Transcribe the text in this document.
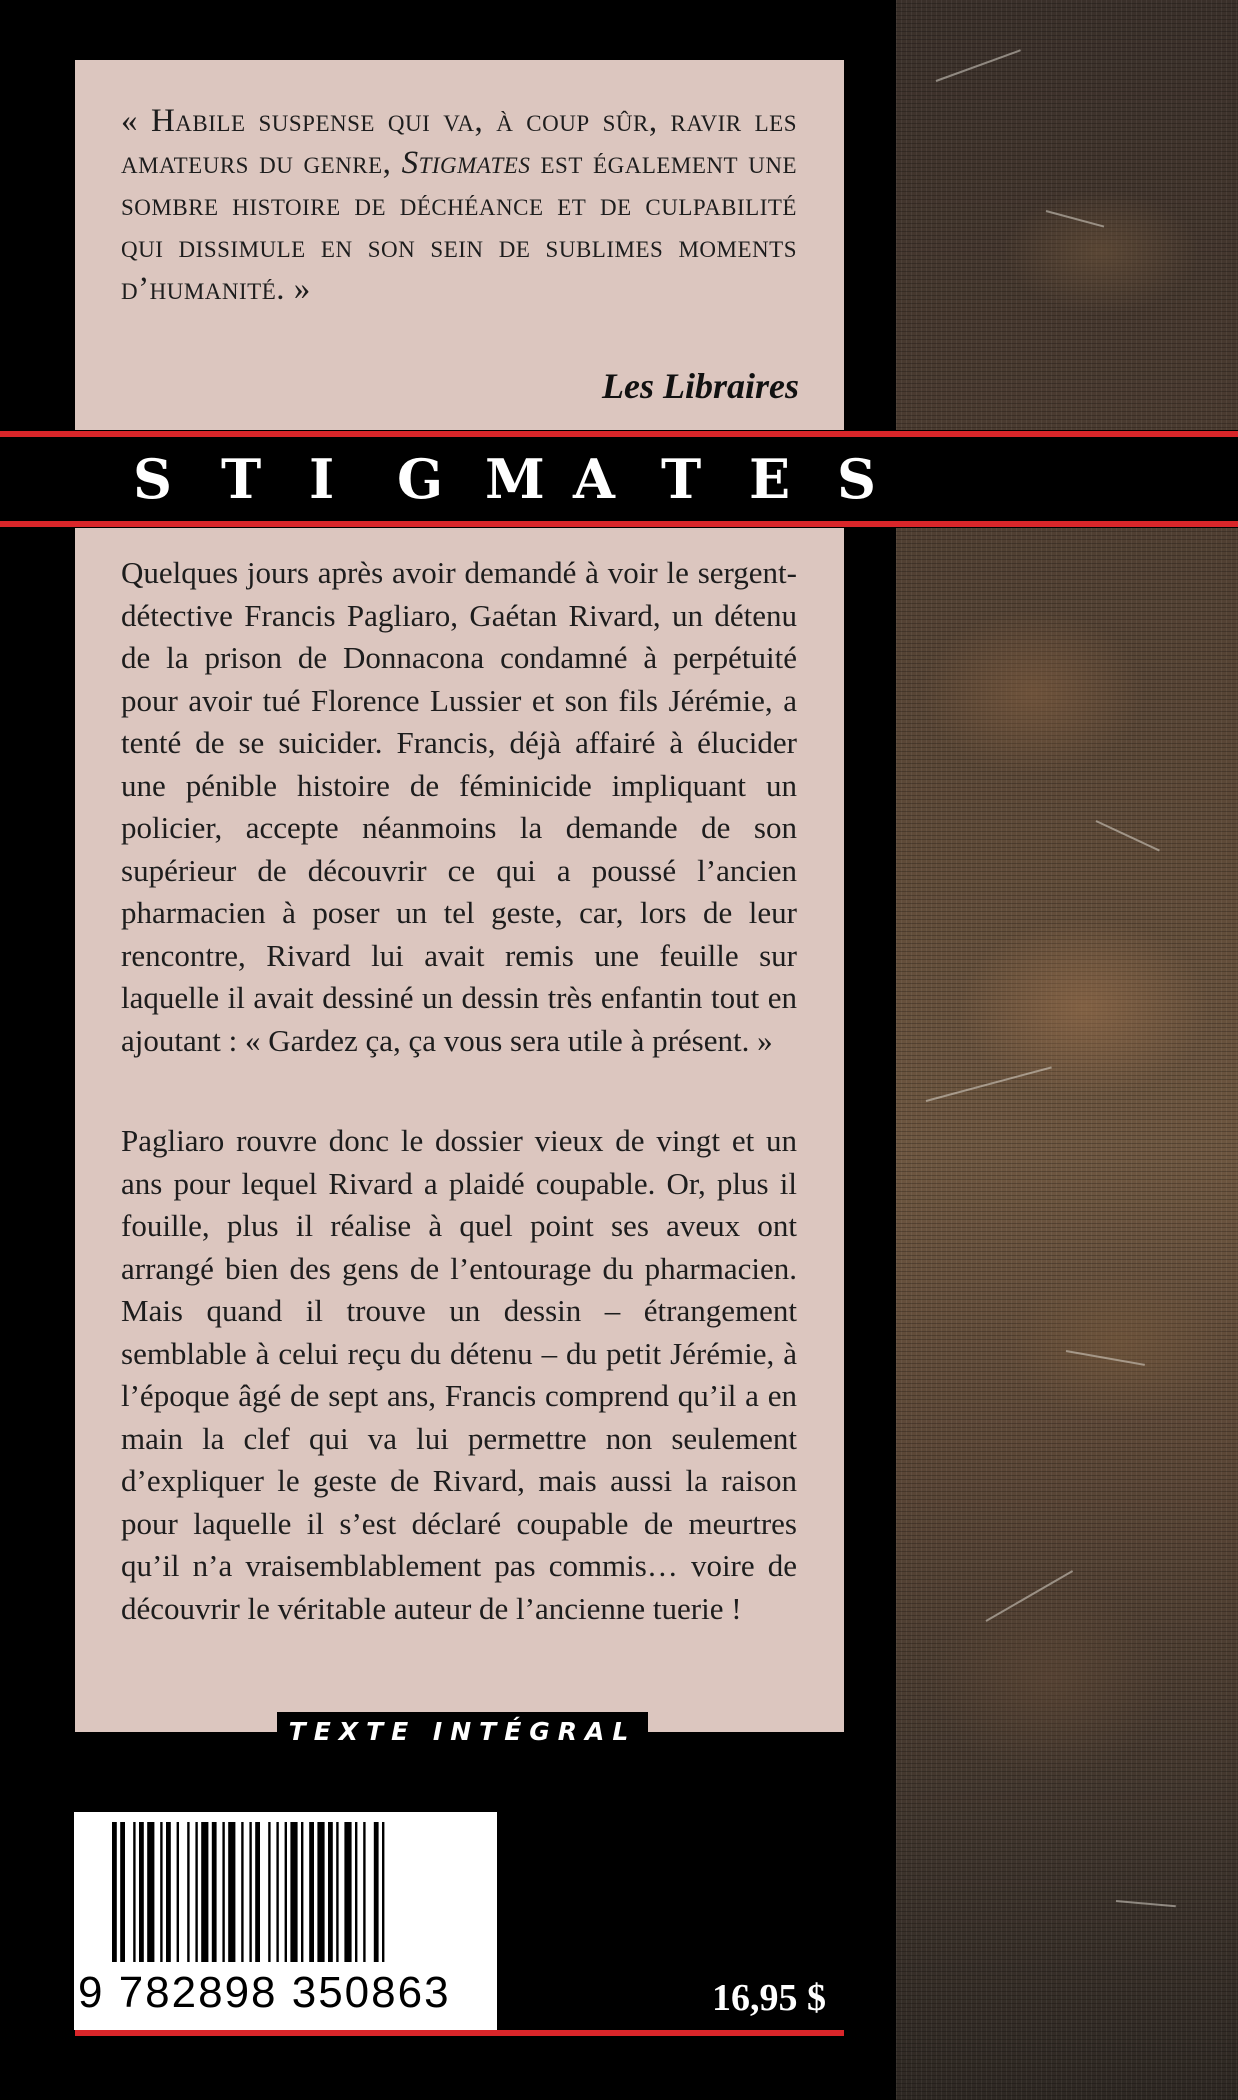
« Habile suspense qui va, à coup sûr, ravir les amateurs du genre, Stigmates est également une sombre histoire de déchéance et de culpabilité qui dissimule en son sein de sublimes moments d’humanité. »
Les Libraires
S T I G M A T E S

Quelques jours après avoir demandé à voir le sergent-détective Francis Pagliaro, Gaétan Rivard, un détenu de la prison de Donnacona condamné à perpétuité pour avoir tué Florence Lussier et son fils Jérémie, a tenté de se suicider. Francis, déjà affairé à élucider une pénible histoire de féminicide impliquant un policier, accepte néanmoins la demande de son supérieur de découvrir ce qui a poussé l’ancien pharmacien à poser un tel geste, car, lors de leur rencontre, Rivard lui avait remis une feuille sur laquelle il avait dessiné un dessin très enfantin tout en ajoutant : « Gardez ça, ça vous sera utile à présent. »

Pagliaro rouvre donc le dossier vieux de vingt et un ans pour lequel Rivard a plaidé coupable. Or, plus il fouille, plus il réalise à quel point ses aveux ont arrangé bien des gens de l’entourage du pharmacien. Mais quand il trouve un dessin – étrangement semblable à celui reçu du détenu – du petit Jérémie, à l’époque âgé de sept ans, Francis comprend qu’il a en main la clef qui va lui permettre non seulement d’expliquer le geste de Rivard, mais aussi la raison pour laquelle il s’est déclaré coupable de meurtres qu’il n’a vraisemblablement pas commis… voire de découvrir le véritable auteur de l’ancienne tuerie !

TEXTE INTÉGRAL
9 782898 350863	16,95 $
